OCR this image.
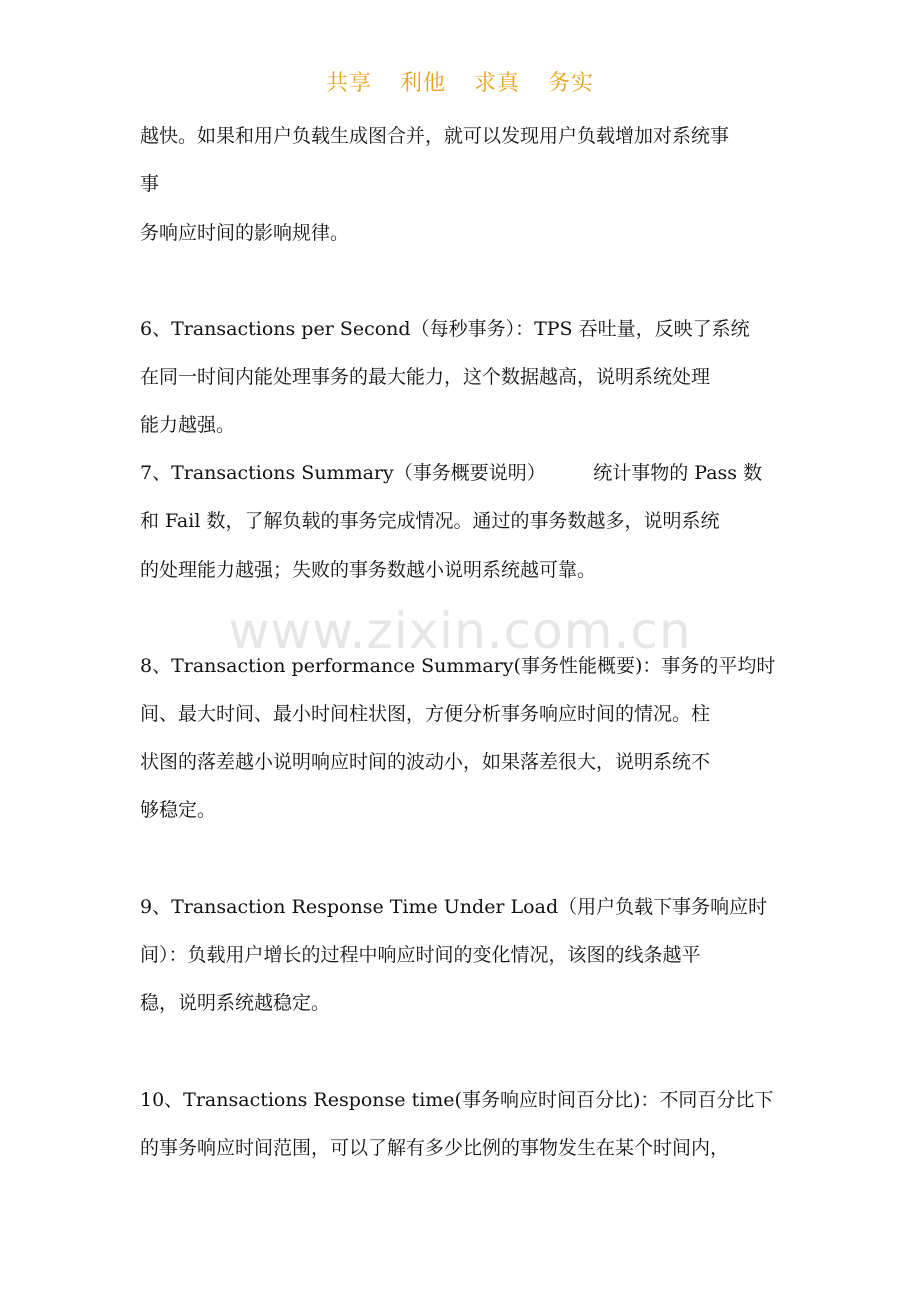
共享 利他 求真 务实
www.zixin.com.cn
越快。如果和用户负载生成图合并，就可以发现用户负载增加对系统事
事
务响应时间的影响规律。
6、Transactions per Second（每秒事务）：TPS 吞吐量，反映了系统
在同一时间内能处理事务的最大能力，这个数据越高，说明系统处理
能力越强。
7、Transactions Summary（事务概要说明）　　　统计事物的 Pass 数
和 Fail 数，了解负载的事务完成情况。通过的事务数越多，说明系统
的处理能力越强；失败的事务数越小说明系统越可靠。
8、Transaction performance Summary(事务性能概要)：事务的平均时
间、最大时间、最小时间柱状图，方便分析事务响应时间的情况。柱
状图的落差越小说明响应时间的波动小，如果落差很大，说明系统不
够稳定。
9、Transaction Response Time Under Load（用户负载下事务响应时
间）：负载用户增长的过程中响应时间的变化情况，该图的线条越平
稳，说明系统越稳定。
10、Transactions Response time(事务响应时间百分比)：不同百分比下
的事务响应时间范围，可以了解有多少比例的事物发生在某个时间内，
